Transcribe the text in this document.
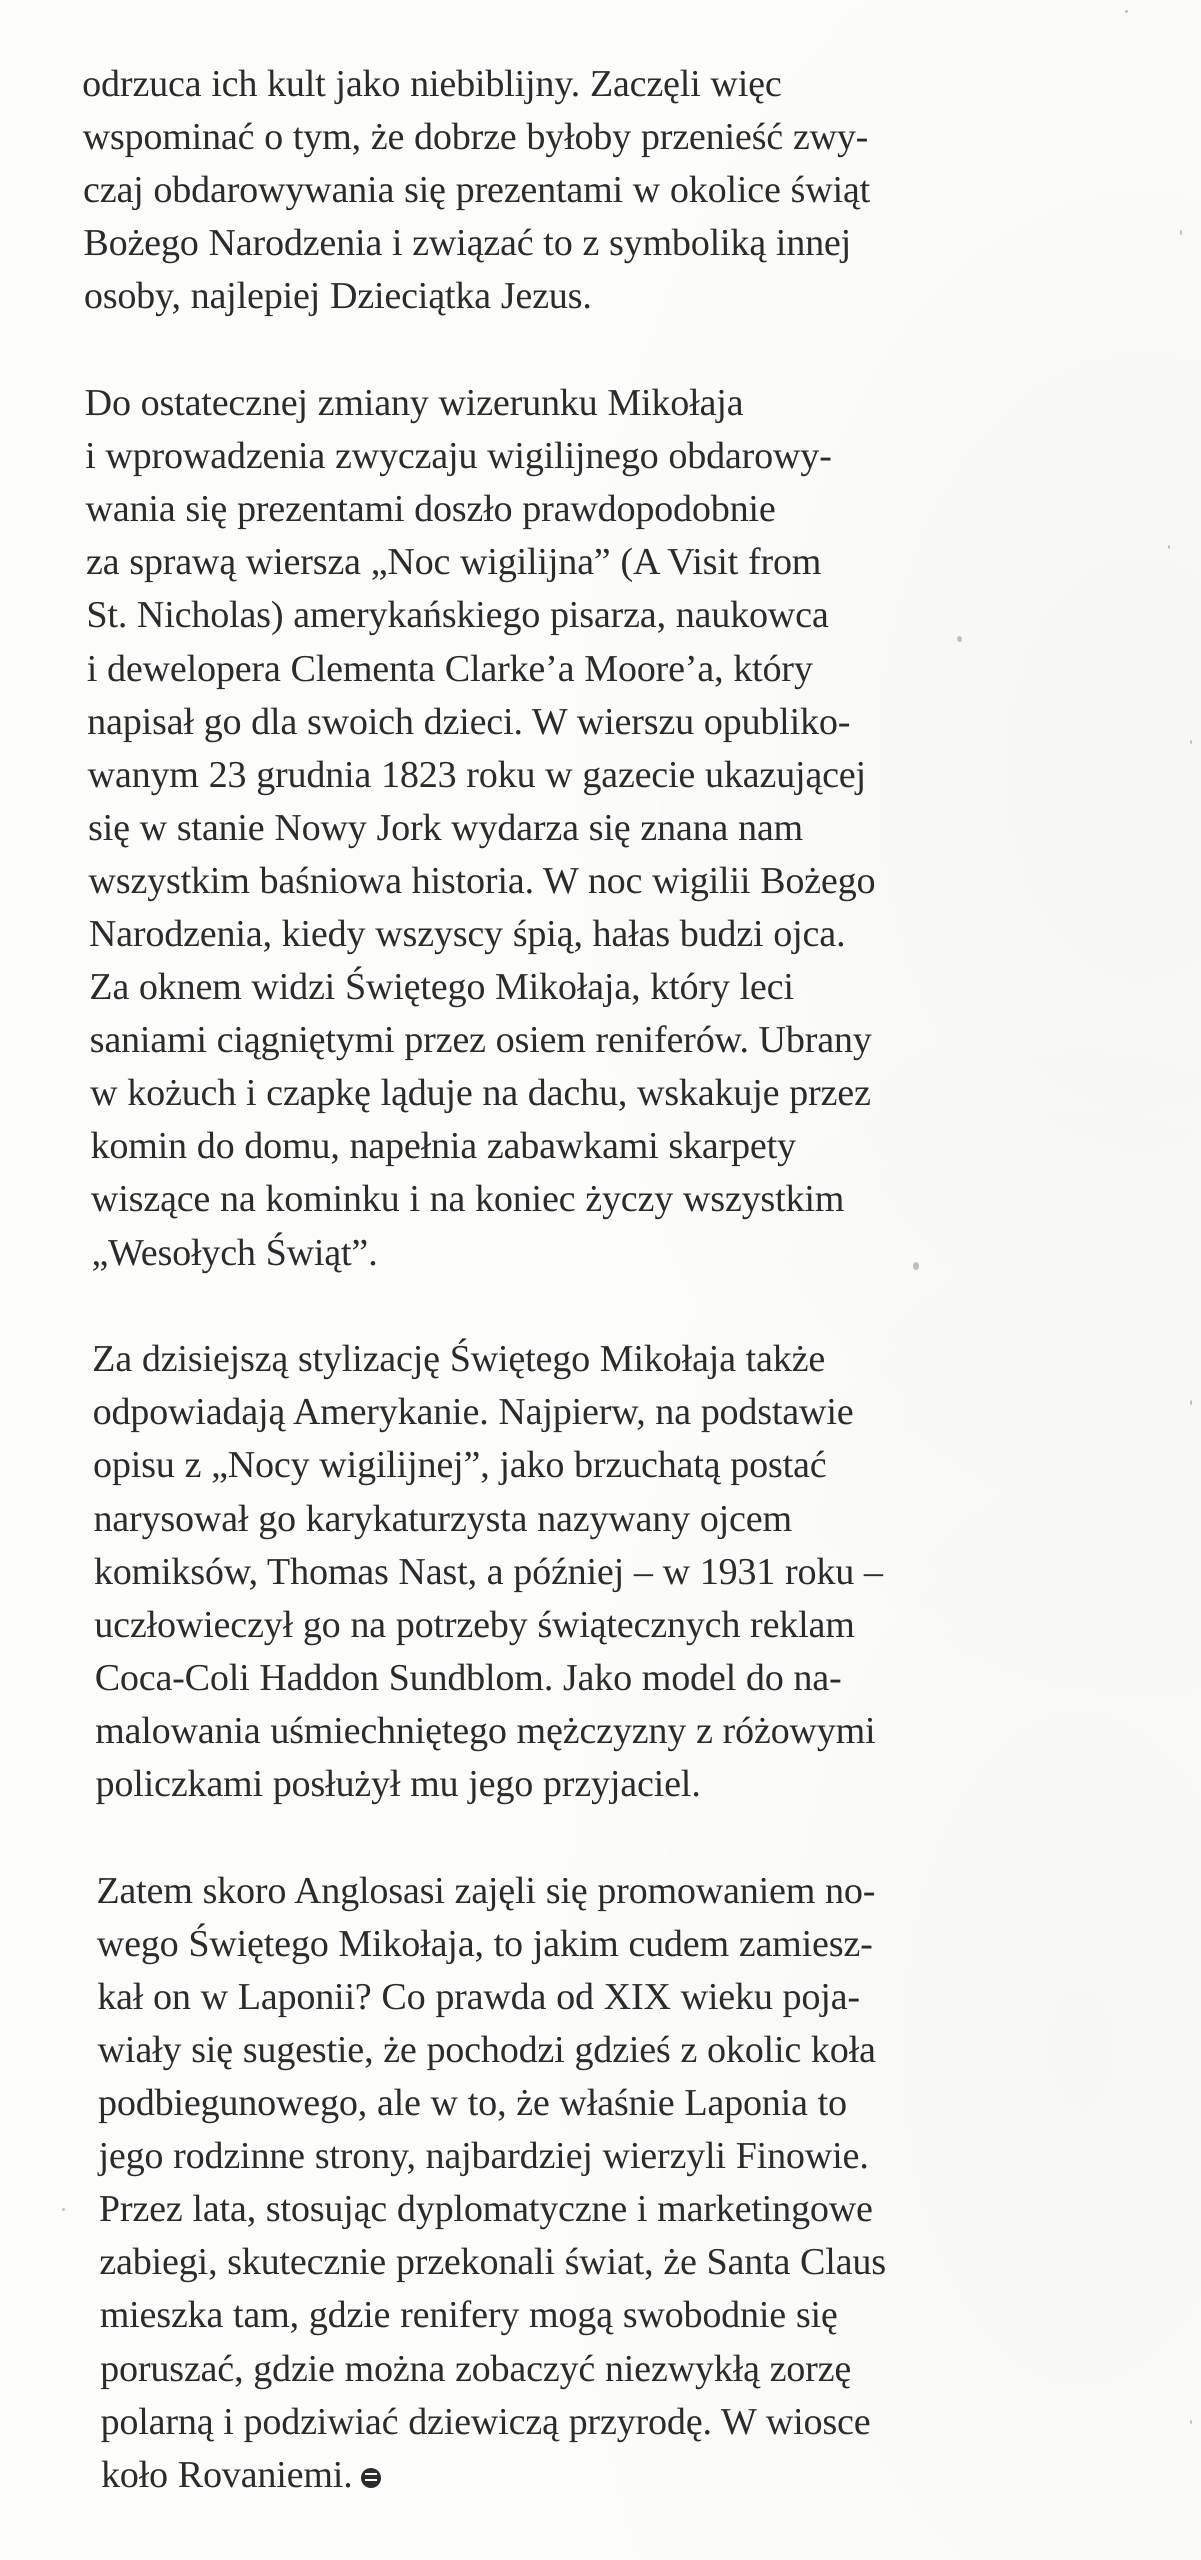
odrzuca ich kult jako niebiblijny. Zaczęli więc
wspominać o tym, że dobrze byłoby przenieść zwy-
czaj obdarowywania się prezentami w okolice świąt
Bożego Narodzenia i związać to z symboliką innej
osoby, najlepiej Dzieciątka Jezus.

Do ostatecznej zmiany wizerunku Mikołaja
i wprowadzenia zwyczaju wigilijnego obdarowy-
wania się prezentami doszło prawdopodobnie
za sprawą wiersza „Noc wigilijna” (A Visit from
St. Nicholas) amerykańskiego pisarza, naukowca
i dewelopera Clementa Clarke’a Moore’a, który
napisał go dla swoich dzieci. W wierszu opubliko-
wanym 23 grudnia 1823 roku w gazecie ukazującej
się w stanie Nowy Jork wydarza się znana nam
wszystkim baśniowa historia. W noc wigilii Bożego
Narodzenia, kiedy wszyscy śpią, hałas budzi ojca.
Za oknem widzi Świętego Mikołaja, który leci
saniami ciągniętymi przez osiem reniferów. Ubrany
w kożuch i czapkę ląduje na dachu, wskakuje przez
komin do domu, napełnia zabawkami skarpety
wiszące na kominku i na koniec życzy wszystkim
„Wesołych Świąt”.

Za dzisiejszą stylizację Świętego Mikołaja także
odpowiadają Amerykanie. Najpierw, na podstawie
opisu z „Nocy wigilijnej”, jako brzuchatą postać
narysował go karykaturzysta nazywany ojcem
komiksów, Thomas Nast, a później – w 1931 roku –
uczłowieczył go na potrzeby świątecznych reklam
Coca-Coli Haddon Sundblom. Jako model do na-
malowania uśmiechniętego mężczyzny z różowymi
policzkami posłużył mu jego przyjaciel.

Zatem skoro Anglosasi zajęli się promowaniem no-
wego Świętego Mikołaja, to jakim cudem zamiesz-
kał on w Laponii? Co prawda od XIX wieku poja-
wiały się sugestie, że pochodzi gdzieś z okolic koła
podbiegunowego, ale w to, że właśnie Laponia to
jego rodzinne strony, najbardziej wierzyli Finowie.
Przez lata, stosując dyplomatyczne i marketingowe
zabiegi, skutecznie przekonali świat, że Santa Claus
mieszka tam, gdzie renifery mogą swobodnie się
poruszać, gdzie można zobaczyć niezwykłą zorzę
polarną i podziwiać dziewiczą przyrodę. W wiosce
koło Rovaniemi.
